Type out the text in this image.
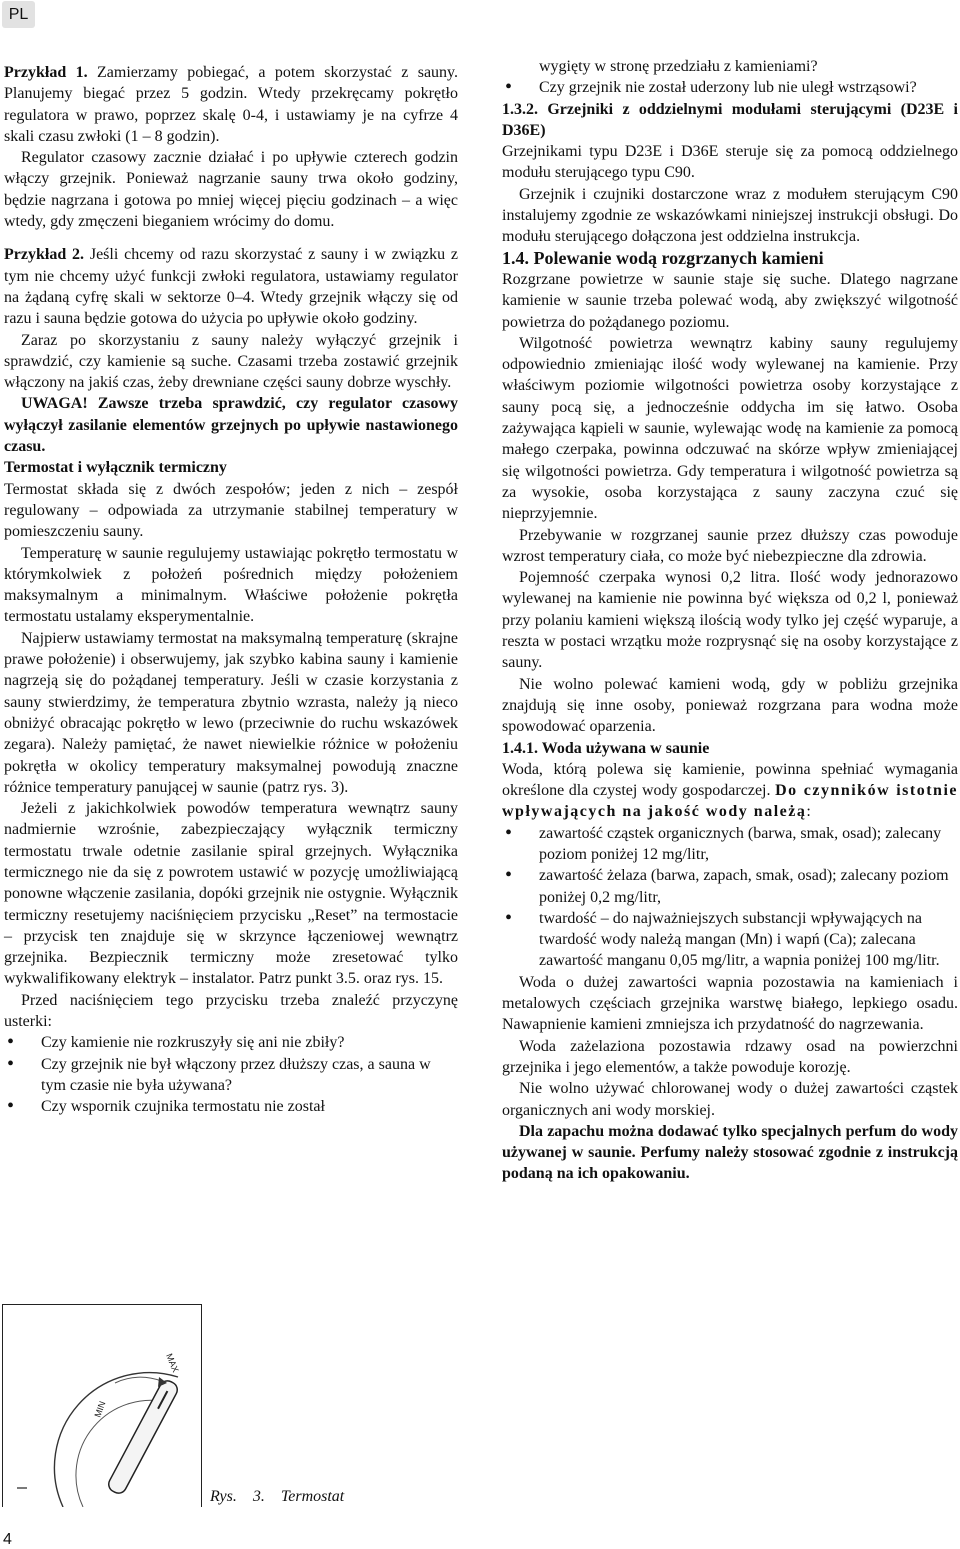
PL

Przykład 1. Zamierzamy pobiegać, a potem skorzystać z sauny. Planujemy biegać przez 5 godzin. Wtedy przekręcamy pokrętło regulatora w prawo, poprzez skalę 0-4, i ustawiamy je na cyfrze 4 skali czasu zwłoki (1 – 8 godzin).

Regulator czasowy zacznie działać i po upływie czterech godzin włączy grzejnik. Ponieważ nagrzanie sauny trwa około godziny, będzie nagrzana i gotowa po mniej więcej pięciu godzinach – a więc wtedy, gdy zmęczeni bieganiem wrócimy do domu.

Przykład 2. Jeśli chcemy od razu skorzystać z sauny i w związku z tym nie chcemy użyć funkcji zwłoki regulatora, ustawiamy regulator na żądaną cyfrę skali w sektorze 0–4. Wtedy grzejnik włączy się od razu i sauna będzie gotowa do użycia po upływie około godziny.

Zaraz po skorzystaniu z sauny należy wyłączyć grzejnik i sprawdzić, czy kamienie są suche. Czasami trzeba zostawić grzejnik włączony na jakiś czas, żeby drewniane części sauny dobrze wyschły.

UWAGA! Zawsze trzeba sprawdzić, czy regulator czasowy wyłączył zasilanie elementów grzejnych po upływie nastawionego czasu.

Termostat i wyłącznik termiczny

Termostat składa się z dwóch zespołów; jeden z nich – zespół regulowany – odpowiada za utrzymanie stabilnej temperatury w pomieszczeniu sauny.

Temperaturę w saunie regulujemy ustawiając pokrętło termostatu w którymkolwiek z położeń pośrednich między położeniem maksymalnym a minimalnym. Właściwe położenie pokrętła termostatu ustalamy eksperymentalnie.

Najpierw ustawiamy termostat na maksymalną temperaturę (skrajne prawe położenie) i obserwujemy, jak szybko kabina sauny i kamienie nagrzeją się do pożądanej temperatury. Jeśli w czasie korzystania z sauny stwierdzimy, że temperatura zbytnio wzrasta, należy ją nieco obniżyć obracając pokrętło w lewo (przeciwnie do ruchu wskazówek zegara). Należy pamiętać, że nawet niewielkie różnice w położeniu pokrętła w okolicy temperatury maksymalnej powodują znaczne różnice temperatury panującej w saunie (patrz rys. 3).

Jeżeli z jakichkolwiek powodów temperatura wewnątrz sauny nadmiernie wzrośnie, zabezpieczający wyłącznik termiczny termostatu trwale odetnie zasilanie spiral grzejnych. Wyłącznika termicznego nie da się z powrotem ustawić w pozycję umożliwiającą ponowne włączenie zasilania, dopóki grzejnik nie ostygnie. Wyłącznik termiczny resetujemy naciśnięciem przycisku „Reset” na termostacie – przycisk ten znajduje się w skrzynce łączeniowej wewnątrz grzejnika. Bezpiecznik termiczny może zresetować tylko wykwalifikowany elektryk – instalator. Patrz punkt 3.5. oraz rys. 15.

Przed naciśnięciem tego przycisku trzeba znaleźć przyczynę usterki:

• Czy kamienie nie rozkruszyły się ani nie zbiły?
• Czy grzejnik nie był włączony przez dłuższy czas, a sauna w tym czasie nie była używana?
• Czy wspornik czujnika termostatu nie został

wygięty w stronę przedziału z kamieniami?

• Czy grzejnik nie został uderzony lub nie uległ wstrząsowi?

1.3.2. Grzejniki z oddzielnymi modułami sterującymi (D23E i D36E)

Grzejnikami typu D23E i D36E steruje się za pomocą oddzielnego modułu sterującego typu C90.

Grzejnik i czujniki dostarczone wraz z modułem sterującym C90 instalujemy zgodnie ze wskazówkami niniejszej instrukcji obsługi. Do modułu sterującego dołączona jest oddzielna instrukcja.

1.4. Polewanie wodą rozgrzanych kamieni

Rozgrzane powietrze w saunie staje się suche. Dlatego nagrzane kamienie w saunie trzeba polewać wodą, aby zwiększyć wilgotność powietrza do pożądanego poziomu.

Wilgotność powietrza wewnątrz kabiny sauny regulujemy odpowiednio zmieniając ilość wody wylewanej na kamienie. Przy właściwym poziomie wilgotności powietrza osoby korzystające z sauny pocą się, a jednocześnie oddycha im się łatwo. Osoba zażywająca kąpieli w saunie, wylewając wodę na kamienie za pomocą małego czerpaka, powinna odczuwać na skórze wpływ zmieniającej się wilgotności powietrza. Gdy temperatura i wilgotność powietrza są za wysokie, osoba korzystająca z sauny zaczyna czuć się nieprzyjemnie.

Przebywanie w rozgrzanej saunie przez dłuższy czas powoduje wzrost temperatury ciała, co może być niebezpieczne dla zdrowia.

Pojemność czerpaka wynosi 0,2 litra. Ilość wody jednorazowo wylewanej na kamienie nie powinna być większa od 0,2 l, ponieważ przy polaniu kamieni większą ilością wody tylko jej część wyparuje, a reszta w postaci wrzątku może rozprysnąć się na osoby korzystające z sauny.

Nie wolno polewać kamieni wodą, gdy w pobliżu grzejnika znajdują się inne osoby, ponieważ rozgrzana para wodna może spowodować oparzenia.

1.4.1. Woda używana w saunie

Woda, którą polewa się kamienie, powinna spełniać wymagania określone dla czystej wody gospodarczej. Do czynników istotnie wpływających na jakość wody należą:

• zawartość cząstek organicznych (barwa, smak, osad); zalecany poziom poniżej 12 mg/litr,
• zawartość żelaza (barwa, zapach, smak, osad); zalecany poziom poniżej 0,2 mg/litr,
• twardość – do najważniejszych substancji wpływających na twardość wody należą mangan (Mn) i wapń (Ca); zalecana zawartość manganu 0,05 mg/litr, a wapnia poniżej 100 mg/litr.

Woda o dużej zawartości wapnia pozostawia na kamieniach i metalowych częściach grzejnika warstwę białego, lepkiego osadu. Nawapnienie kamieni zmniejsza ich przydatność do nagrzewania.

Woda zażelaziona pozostawia rdzawy osad na powierzchni grzejnika i jego elementów, a także powoduje korozję.

Nie wolno używać chlorowanej wody o dużej zawartości cząstek organicznych ani wody morskiej.

Dla zapachu można dodawać tylko specjalnych perfum do wody używanej w saunie. Perfumy należy stosować zgodnie z instrukcją podaną na ich opakowaniu.

MIN
MAX
Rys. 3. Termostat
4
